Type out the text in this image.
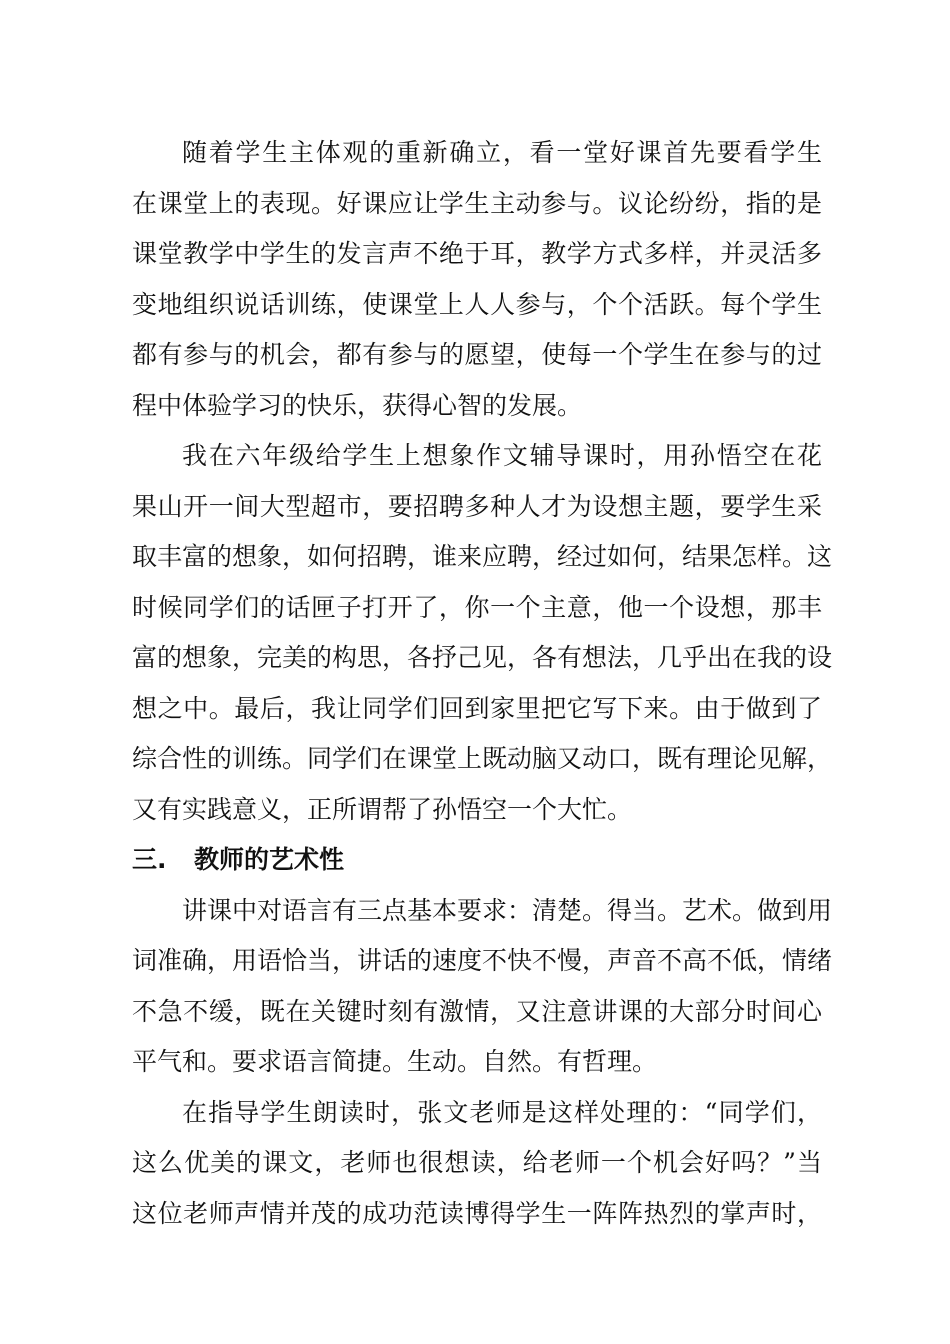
随着学生主体观的重新确立，看一堂好课首先要看学生
在课堂上的表现。好课应让学生主动参与。议论纷纷，指的是
课堂教学中学生的发言声不绝于耳，教学方式多样，并灵活多
变地组织说话训练，使课堂上人人参与，个个活跃。每个学生
都有参与的机会，都有参与的愿望，使每一个学生在参与的过
程中体验学习的快乐，获得心智的发展。
我在六年级给学生上想象作文辅导课时，用孙悟空在花
果山开一间大型超市，要招聘多种人才为设想主题，要学生采
取丰富的想象，如何招聘，谁来应聘，经过如何，结果怎样。这
时候同学们的话匣子打开了，你一个主意，他一个设想，那丰
富的想象，完美的构思，各抒己见，各有想法，几乎出在我的设
想之中。最后，我让同学们回到家里把它写下来。由于做到了
综合性的训练。同学们在课堂上既动脑又动口，既有理论见解，
又有实践意义，正所谓帮了孙悟空一个大忙。
三. 教师的艺术性
讲课中对语言有三点基本要求：清楚。得当。艺术。做到用
词准确，用语恰当，讲话的速度不快不慢，声音不高不低，情绪
不急不缓，既在关键时刻有激情，又注意讲课的大部分时间心
平气和。要求语言简捷。生动。自然。有哲理。
在指导学生朗读时，张文老师是这样处理的：“同学们，
这么优美的课文，老师也很想读，给老师一个机会好吗？”当
这位老师声情并茂的成功范读博得学生一阵阵热烈的掌声时，
